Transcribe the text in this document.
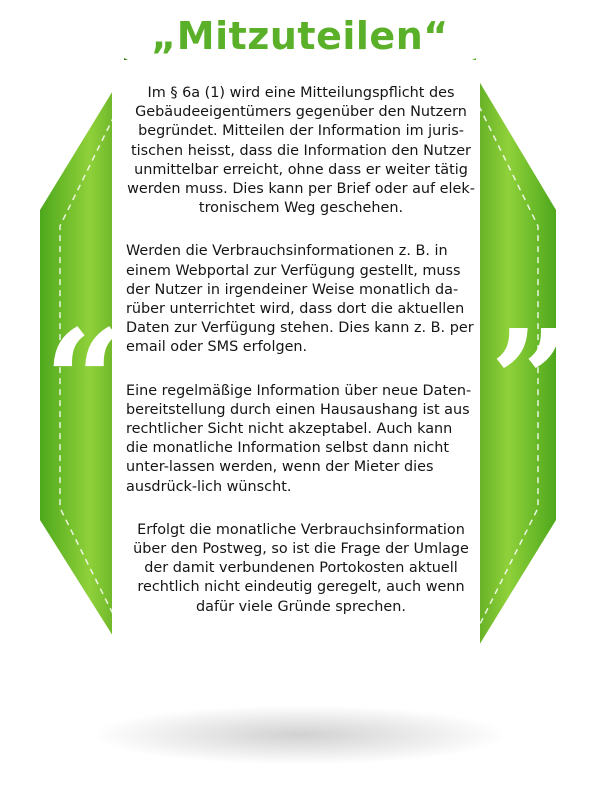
“	”
„Mitzuteilen“

Im § 6a (1) wird eine Mitteilungspflicht des Gebäudeeigentümers gegenüber den Nutzern begründet. Mitteilen der Information im juris-tischen heisst, dass die Information den Nutzer unmittelbar erreicht, ohne dass er weiter tätig werden muss. Dies kann per Brief oder auf elek-tronischem Weg geschehen.

Werden die Verbrauchsinformationen z. B. in einem Webportal zur Verfügung gestellt, muss der Nutzer in irgendeiner Weise monatlich da-rüber unterrichtet wird, dass dort die aktuellen Daten zur Verfügung stehen. Dies kann z. B. per email oder SMS erfolgen.

Eine regelmäßige Information über neue Daten-bereitstellung durch einen Hausaushang ist aus rechtlicher Sicht nicht akzeptabel. Auch kann die monatliche Information selbst dann nicht unter-lassen werden, wenn der Mieter dies ausdrück-lich wünscht.

Erfolgt die monatliche Verbrauchsinformation über den Postweg, so ist die Frage der Umlage der damit verbundenen Portokosten aktuell rechtlich nicht eindeutig geregelt, auch wenn dafür viele Gründe sprechen.
